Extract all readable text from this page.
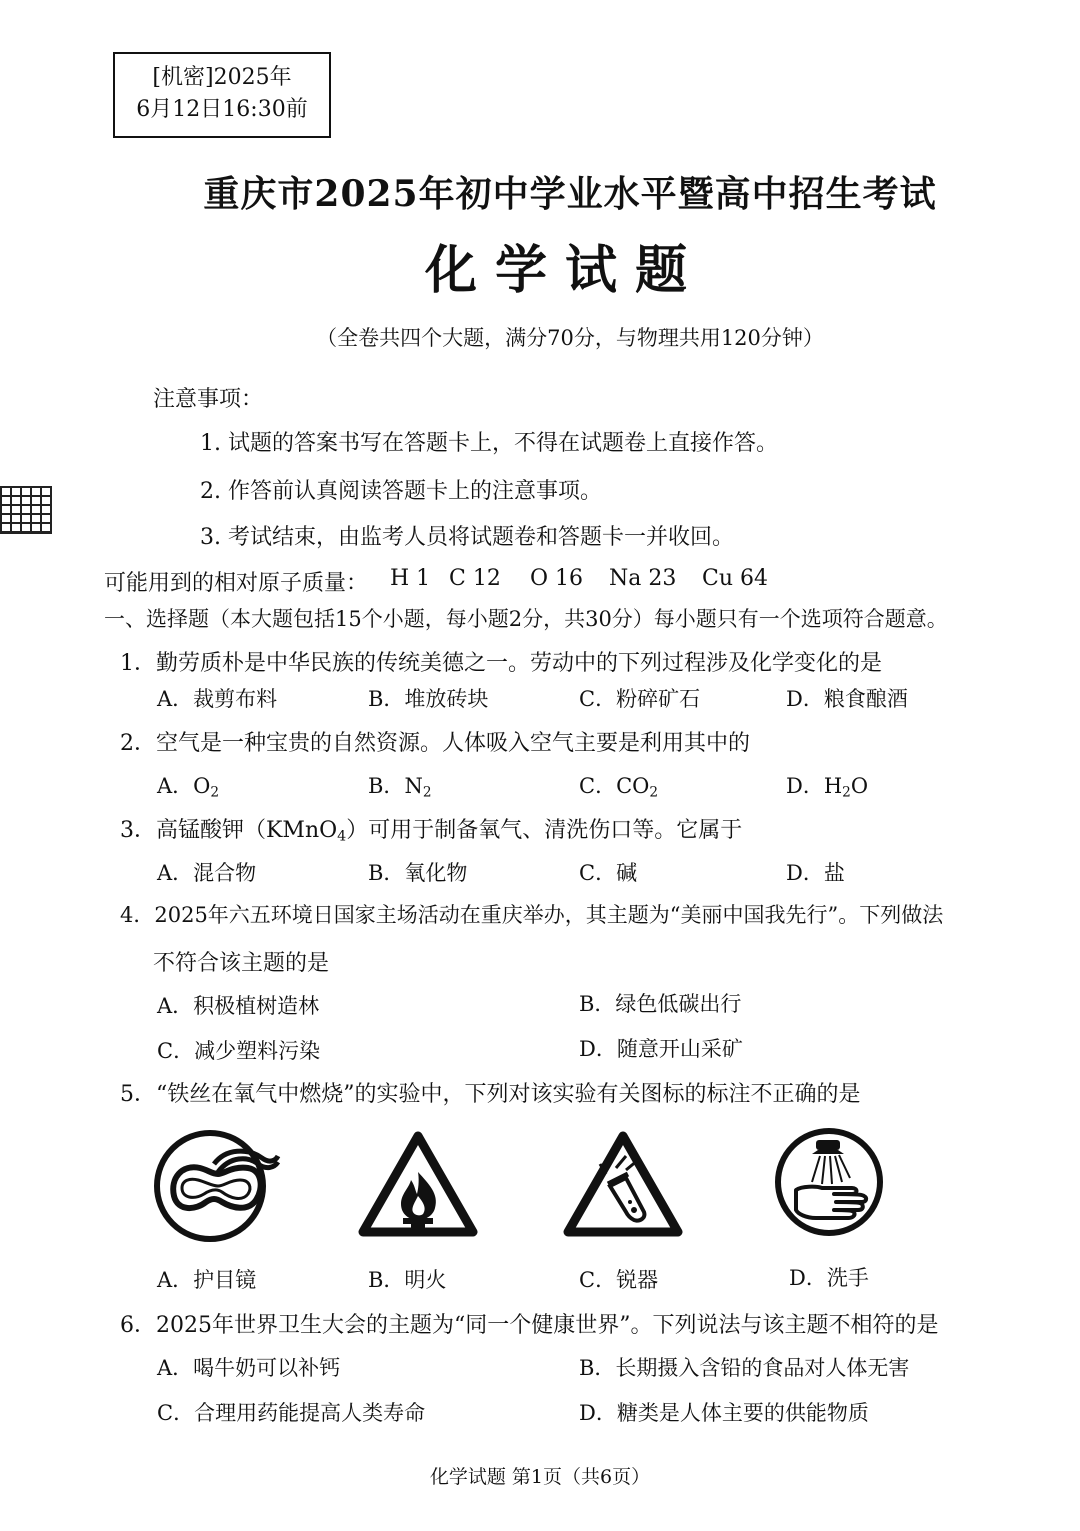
[机密]2025年
6月12日16:30前
重庆市2025年初中学业水平暨高中招生考试
化学试题
（全卷共四个大题，满分70分，与物理共用120分钟）
注意事项：
1. 试题的答案书写在答题卡上，不得在试题卷上直接作答。
2. 作答前认真阅读答题卡上的注意事项。
3. 考试结束，由监考人员将试题卷和答题卡一并收回。
可能用到的相对原子质量： H 1 C 12 O 16 Na 23 Cu 64
一、选择题（本大题包括15个小题，每小题2分，共30分）每小题只有一个选项符合题意。
1．勤劳质朴是中华民族的传统美德之一。劳动中的下列过程涉及化学变化的是
A．裁剪布料	B．堆放砖块	C．粉碎矿石	D．粮食酿酒
2．空气是一种宝贵的自然资源。人体吸入空气主要是利用其中的
A．$O_2$	B．$N_2$	C．$CO_2$	D．$H_2O$
3．高锰酸钾（KMnO$_4$）可用于制备氧气、清洗伤口等。它属于
A．混合物	B．氧化物	C．碱	D．盐
4．2025年六五环境日国家主场活动在重庆举办，其主题为“美丽中国我先行”。下列做法
不符合该主题的是
A．积极植树造林	B．绿色低碳出行
C．减少塑料污染	D．随意开山采矿
5．“铁丝在氧气中燃烧”的实验中，下列对该实验有关图标的标注不正确的是
A．护目镜	B．明火	C．锐器	D．洗手
6．2025年世界卫生大会的主题为“同一个健康世界”。下列说法与该主题不相符的是
A．喝牛奶可以补钙	B．长期摄入含铅的食品对人体无害
C．合理用药能提高人类寿命	D．糖类是人体主要的供能物质
化学试题 第1页（共6页）
